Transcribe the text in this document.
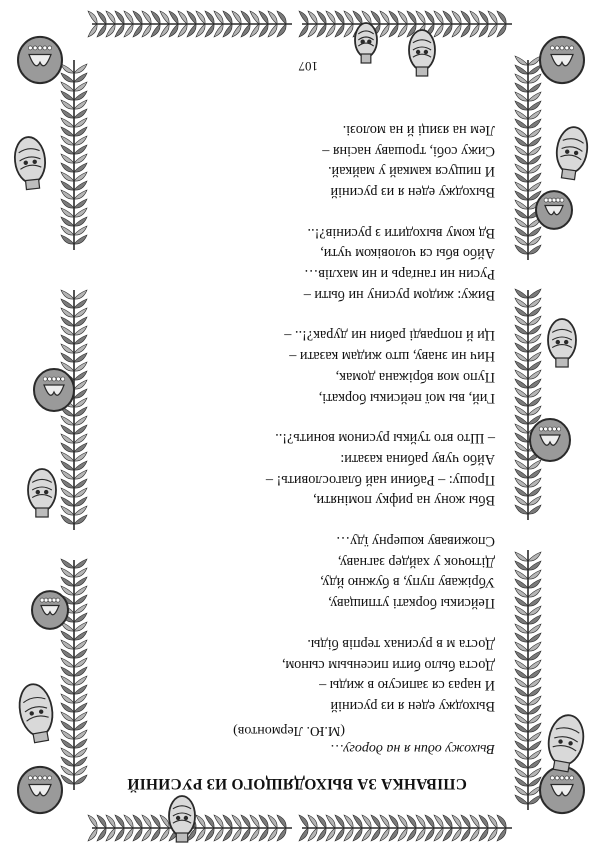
СПІВАНКА ЗА ВЫХОДЯЩОГО ИЗ РУСИНІЙ
Выхожу один я на дорогу…
(М.Ю. Лермонтов)
Выходжу еден я из русиній
И нараз ся записую в жиды –
Доста было бити писеньым сыном,
Доста м в русинах терпів біды.
Пейсикы боркаті утпищаву,
Убріжаву пупу, в бужню йду,
Дітючок у хайдер загнаву,
Споживаву кошерну їду…
Вбы жону на рифку поміняти,
Прошу: – Рабини най благословить! –
Айбо чуву рабина казати:
– Што вто туйкы русином вонить?!..
Гий, вы мої пейсикы боркаті,
Пупо моя вбріжана домак,
Нич ни знаву, што жидам казати –
Ци й поправді рабин ни дурак?!.. –
Вижу: жидом русину ни быти –
Русин ни ганґарь и ни махлів…
Айбо вбы ся чоловіком чути,
Вд кому выходити з русинів?!..
Выходжу еден я из русиній
И пищуся камкай у майкай.
Сижу собі, трошаву насіня –
Лем на язиці й на молозі.
107
